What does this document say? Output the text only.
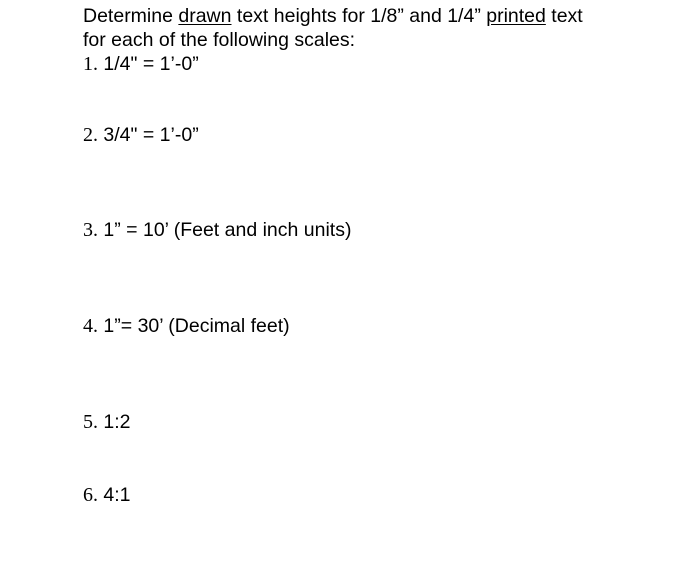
Determine drawn text heights for 1/8” and 1/4” printed text
for each of the following scales:

1. 1/4" = 1’-0”
2. 3/4" = 1’-0”
3. 1” = 10’ (Feet and inch units)
4. 1”= 30’ (Decimal feet)
5. 1:2
6. 4:1
